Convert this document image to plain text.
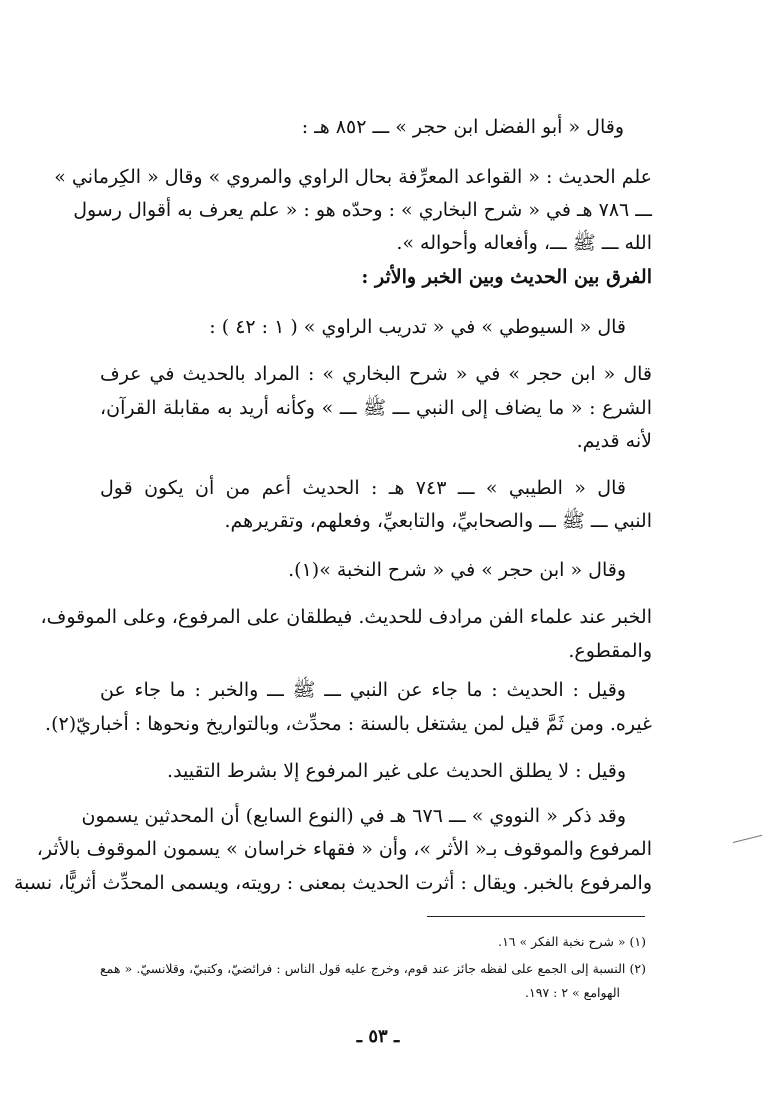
وقال « أبو الفضل ابن حجر » ـــ ٨٥٢ هـ :
علم الحديث : « القواعد المعرِّفة بحال الراوي والمروي » وقال « الكِرماني »
ـــ ٧٨٦ هـ في « شرح البخاري » : وحدّه هو : « علم يعرف به أقوال رسول
الله ـــ ﷺ ـــ، وأفعاله وأحواله ».
الفرق بين الحديث وبين الخبر والأثر :
قال « السيوطي » في « تدريب الراوي » ( ١ : ٤٢ ) :
قال « ابن حجر » في « شرح البخاري » : المراد بالحديث في عرف
الشرع : « ما يضاف إلى النبي ـــ ﷺ ـــ » وكأنه أريد به مقابلة القرآن،
لأنه قديم.
قال « الطيبي » ـــ ٧٤٣ هـ : الحديث أعم من أن يكون قول
النبي ـــ ﷺ ـــ والصحابيِّ، والتابعيِّ، وفعلهم، وتقريرهم.
وقال « ابن حجر » في « شرح النخبة »(١).
الخبر عند علماء الفن مرادف للحديث. فيطلقان على المرفوع، وعلى الموقوف،
والمقطوع.
وقيل : الحديث : ما جاء عن النبي ـــ ﷺ ـــ والخبر : ما جاء عن
غيره. ومن ثَمَّ قيل لمن يشتغل بالسنة : محدِّث، وبالتواريخ ونحوها : أخباريّ(٢).
وقيل : لا يطلق الحديث على غير المرفوع إلا بشرط التقييد.
وقد ذكر « النووي » ـــ ٦٧٦ هـ في (النوع السابع) أن المحدثين يسمون
المرفوع والموقوف بـ« الأثر »، وأن « فقهاء خراسان » يسمون الموقوف بالأثر،
والمرفوع بالخبر. ويقال : أثرت الحديث بمعنى : رويته، ويسمى المحدِّث أثريًّا، نسبة
(١) « شرح نخبة الفكر » ١٦.
(٢) النسبة إلى الجمع على لفظه جائز عند قوم، وخرج عليه قول الناس : فرائضيّ، وكتبيّ، وقلانسيّ. « همع
الهوامع » ٢ : ١٩٧.
ـ ٥٣ ـ
